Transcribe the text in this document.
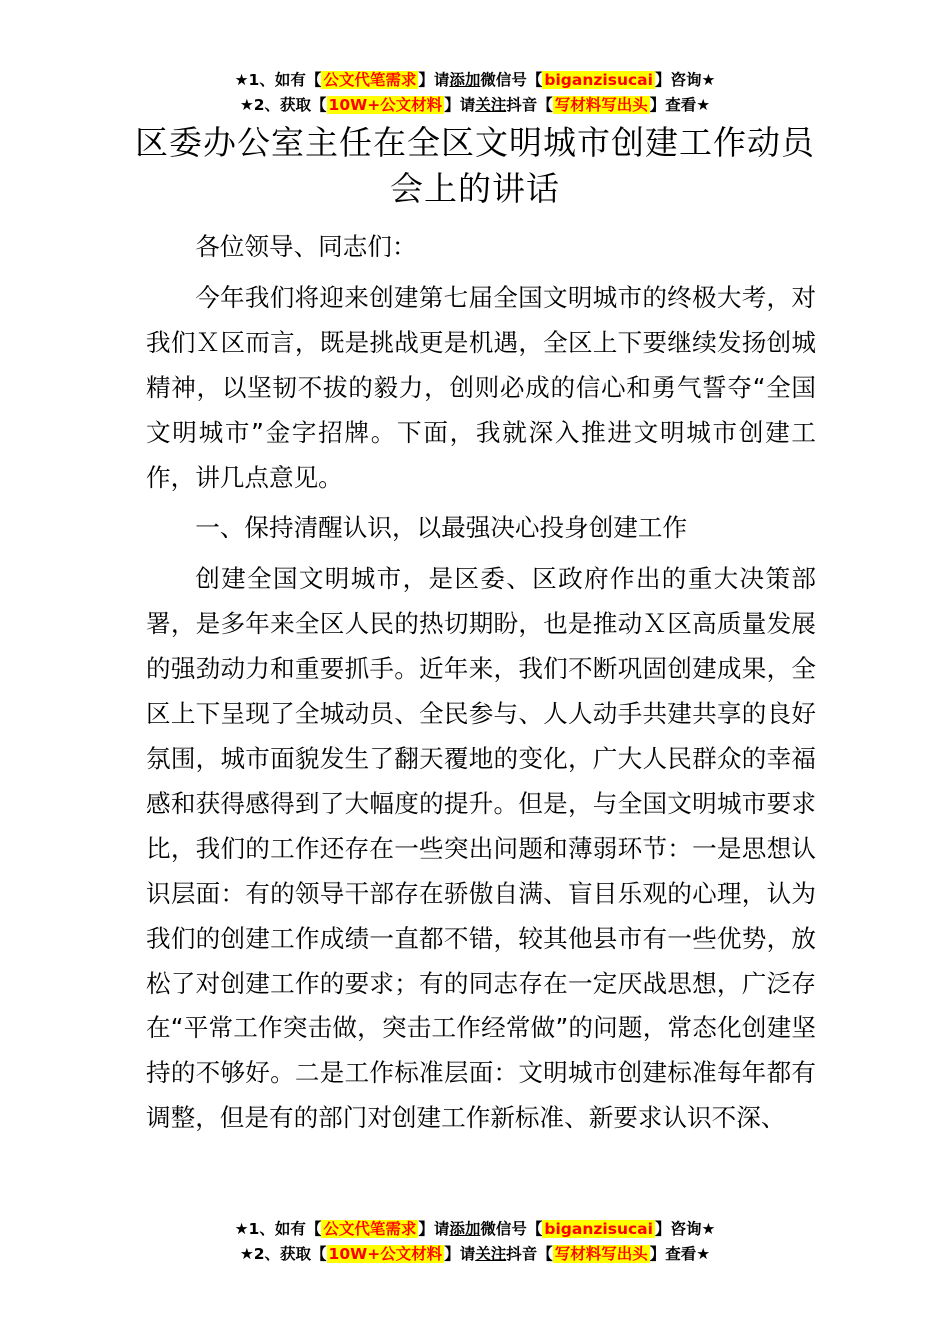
★1、如有【 公文代笔需求 】请添加微信号【 biganzisucai 】咨询★
★2、获取【 10W+公文材料 】请关注抖音【 写材料写出头 】查看★
区委办公室主任在全区文明城市创建工作动员会上的讲话

各位领导、同志们：

今年我们将迎来创建第七届全国文明城市的终极大考，对我们Ｘ区而言，既是挑战更是机遇，全区上下要继续发扬创城精神，以坚韧不拔的毅力，创则必成的信心和勇气誓夺“全国文明城市”金字招牌。下面，我就深入推进文明城市创建工作，讲几点意见。

一、保持清醒认识，以最强决心投身创建工作

创建全国文明城市，是区委、区政府作出的重大决策部署，是多年来全区人民的热切期盼，也是推动Ｘ区高质量发展的强劲动力和重要抓手。近年来，我们不断巩固创建成果，全区上下呈现了全城动员、全民参与、人人动手共建共享的良好氛围，城市面貌发生了翻天覆地的变化，广大人民群众的幸福感和获得感得到了大幅度的提升。但是，与全国文明城市要求比，我们的工作还存在一些突出问题和薄弱环节：一是思想认识层面：有的领导干部存在骄傲自满、盲目乐观的心理，认为我们的创建工作成绩一直都不错，较其他县市有一些优势，放松了对创建工作的要求；有的同志存在一定厌战思想，广泛存在“平常工作突击做，突击工作经常做”的问题，常态化创建坚持的不够好。二是工作标准层面：文明城市创建标准每年都有调整，但是有的部门对创建工作新标准、新要求认识不深、

★1、如有【 公文代笔需求 】请添加微信号【 biganzisucai 】咨询★
★2、获取【 10W+公文材料 】请关注抖音【 写材料写出头 】查看★
